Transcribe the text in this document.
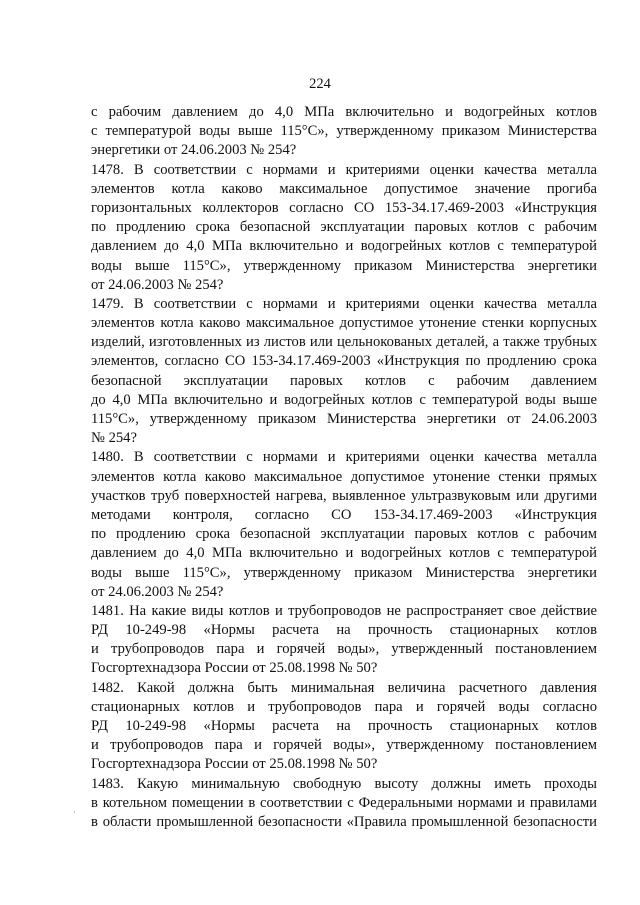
224
с рабочим давлением до 4,0 МПа включительно и водогрейных котлов
с температурой воды выше 115°С», утвержденному приказом Министерства
энергетики от 24.06.2003 № 254?
1478. В соответствии с нормами и критериями оценки качества металла
элементов котла каково максимальное допустимое значение прогиба
горизонтальных коллекторов согласно СО 153-34.17.469-2003 «Инструкция
по продлению срока безопасной эксплуатации паровых котлов с рабочим
давлением до 4,0 МПа включительно и водогрейных котлов с температурой
воды выше 115°С», утвержденному приказом Министерства энергетики
от 24.06.2003 № 254?
1479. В соответствии с нормами и критериями оценки качества металла
элементов котла каково максимальное допустимое утонение стенки корпусных
изделий, изготовленных из листов или цельнокованых деталей, а также трубных
элементов, согласно СО 153-34.17.469-2003 «Инструкция по продлению срока
безопасной эксплуатации паровых котлов с рабочим давлением
до 4,0 МПа включительно и водогрейных котлов с температурой воды выше
115°С», утвержденному приказом Министерства энергетики от 24.06.2003
№ 254?
1480. В соответствии с нормами и критериями оценки качества металла
элементов котла каково максимальное допустимое утонение стенки прямых
участков труб поверхностей нагрева, выявленное ультразвуковым или другими
методами контроля, согласно СО 153-34.17.469-2003 «Инструкция
по продлению срока безопасной эксплуатации паровых котлов с рабочим
давлением до 4,0 МПа включительно и водогрейных котлов с температурой
воды выше 115°С», утвержденному приказом Министерства энергетики
от 24.06.2003 № 254?
1481. На какие виды котлов и трубопроводов не распространяет свое действие
РД 10-249-98 «Нормы расчета на прочность стационарных котлов
и трубопроводов пара и горячей воды», утвержденный постановлением
Госгортехнадзора России от 25.08.1998 № 50?
1482. Какой должна быть минимальная величина расчетного давления
стационарных котлов и трубопроводов пара и горячей воды согласно
РД 10-249-98 «Нормы расчета на прочность стационарных котлов
и трубопроводов пара и горячей воды», утвержденному постановлением
Госгортехнадзора России от 25.08.1998 № 50?
1483. Какую минимальную свободную высоту должны иметь проходы
в котельном помещении в соответствии с Федеральными нормами и правилами
в области промышленной безопасности «Правила промышленной безопасности
·
